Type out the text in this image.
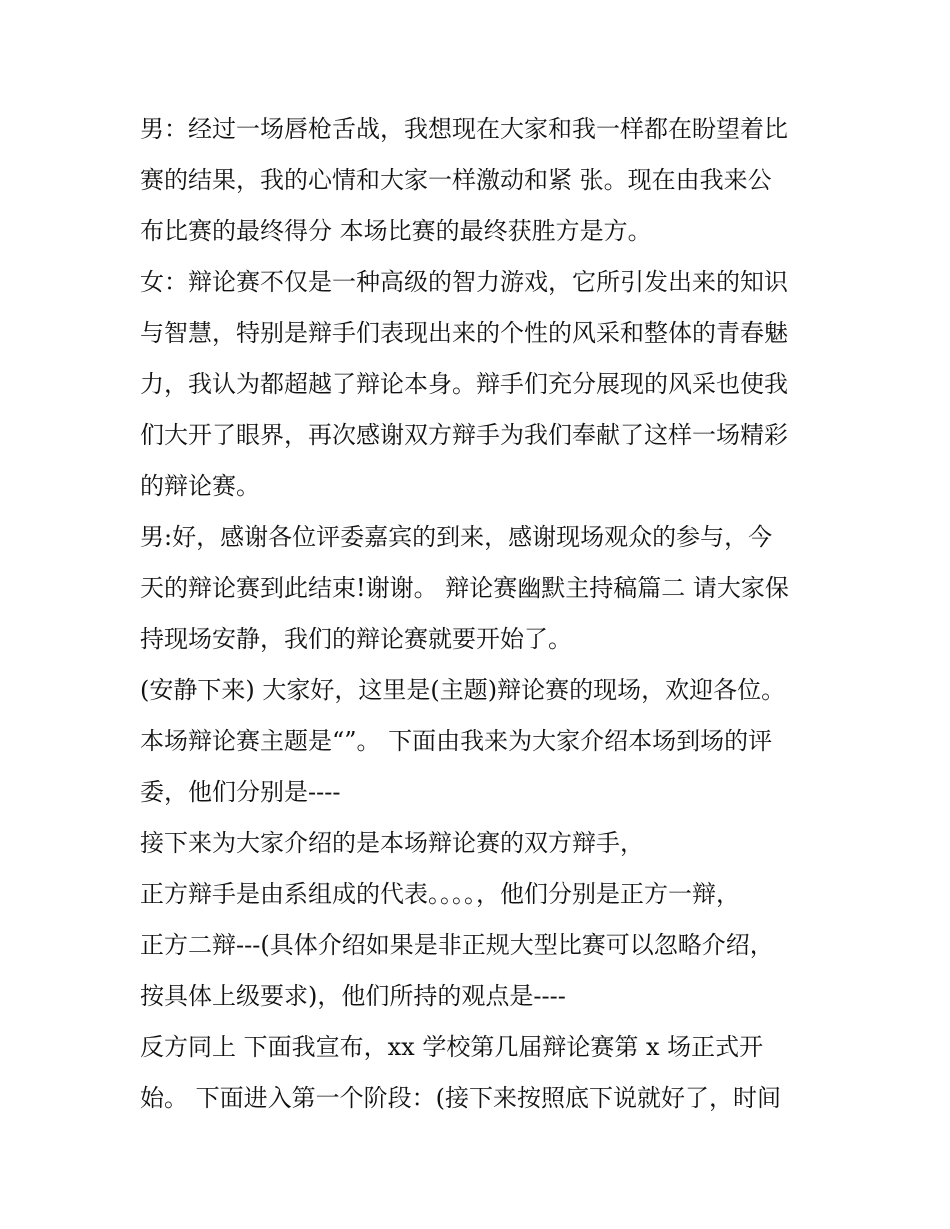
男：经过一场唇枪舌战，我想现在大家和我一样都在盼望着比
赛的结果，我的心情和大家一样激动和紧 张。现在由我来公
布比赛的最终得分 本场比赛的最终获胜方是方。
女：辩论赛不仅是一种高级的智力游戏，它所引发出来的知识
与智慧，特别是辩手们表现出来的个性的风采和整体的青春魅
力，我认为都超越了辩论本身。辩手们充分展现的风采也使我
们大开了眼界，再次感谢双方辩手为我们奉献了这样一场精彩
的辩论赛。
男:好，感谢各位评委嘉宾的到来，感谢现场观众的参与，今
天的辩论赛到此结束!谢谢。 辩论赛幽默主持稿篇二 请大家保
持现场安静，我们的辩论赛就要开始了。
(安静下来) 大家好，这里是(主题)辩论赛的现场，欢迎各位。
本场辩论赛主题是“”。 下面由我来为大家介绍本场到场的评
委，他们分别是----
接下来为大家介绍的是本场辩论赛的双方辩手，
正方辩手是由系组成的代表。。。。，他们分别是正方一辩，
正方二辩---(具体介绍如果是非正规大型比赛可以忽略介绍，
按具体上级要求)，他们所持的观点是----
反方同上 下面我宣布，xx 学校第几届辩论赛第 x 场正式开
始。 下面进入第一个阶段：(接下来按照底下说就好了，时间
